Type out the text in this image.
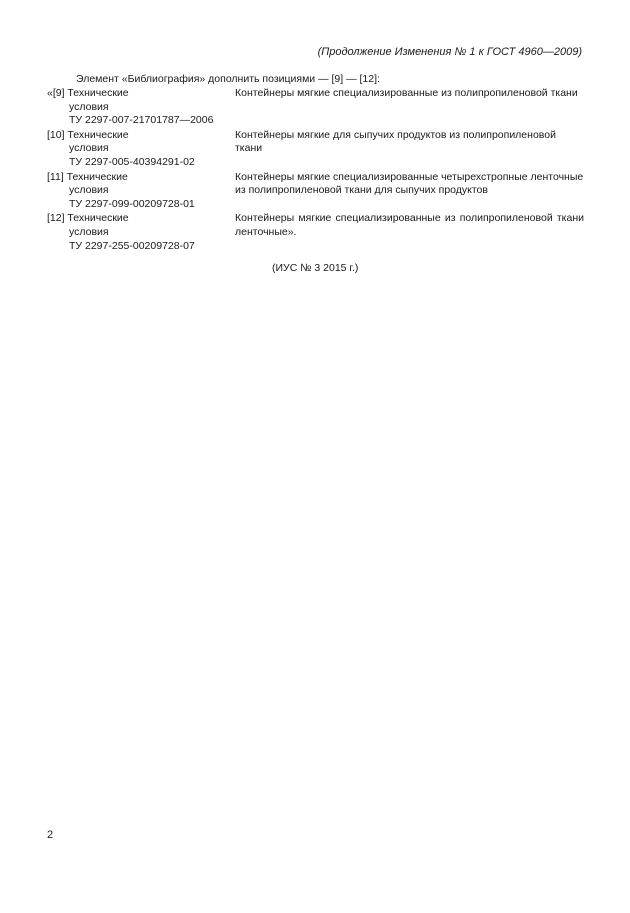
(Продолжение Изменения № 1 к ГОСТ 4960—2009)
Элемент «Библиография» дополнить позициями — [9] — [12]:
«[9] Технические
условия
ТУ 2297-007-21701787—2006
Контейнеры мягкие специализированные из полипропиленовой ткани
[10] Технические
условия
ТУ 2297-005-40394291-02
Контейнеры мягкие для сыпучих продуктов из полипропиленовой ткани
[11] Технические
условия
ТУ 2297-099-00209728-01
Контейнеры мягкие специализированные четырехстропные ленточные из полипропиленовой ткани для сыпучих продуктов
[12] Технические
условия
ТУ 2297-255-00209728-07
Контейнеры мягкие специализированные из полипропиленовой ткани ленточные».
(ИУС № 3 2015 г.)
2
